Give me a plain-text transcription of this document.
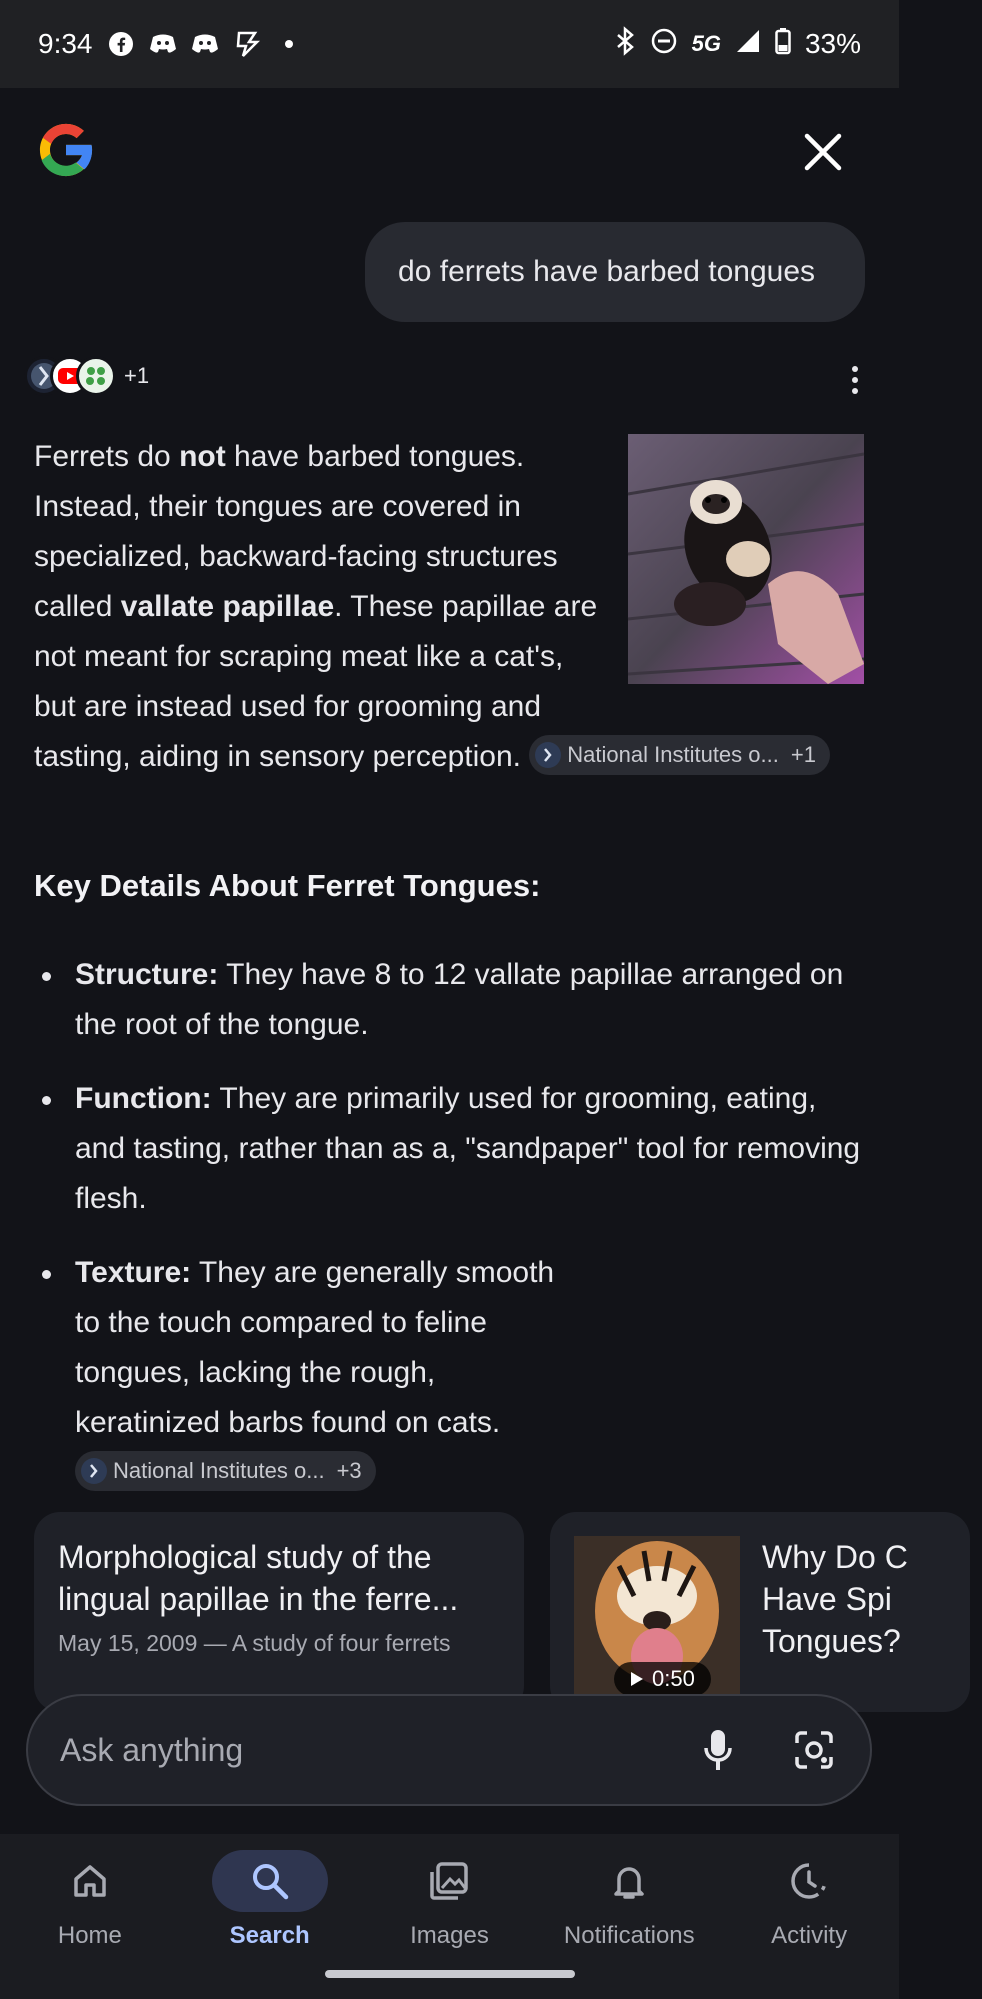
9:34	5G	33%
do ferrets have barbed tongues
+1
Ferrets do not have barbed tongues. Instead, their tongues are covered in specialized, backward-facing structures called vallate papillae. These papillae are not meant for scraping meat like a cat's, but are instead used for grooming and tasting, aiding in sensory perception. National Institutes o... +1
Key Details About Ferret Tongues:
Structure: They have 8 to 12 vallate papillae arranged on the root of the tongue.
Function: They are primarily used for grooming, eating, and tasting, rather than as a, "sandpaper" tool for removing flesh.
Texture: They are generally smooth to the touch compared to feline tongues, lacking the rough, keratinized barbs found on cats.
National Institutes o... +3
Morphological study of the lingual papillae in the ferre...
May 15, 2009 — A study of four ferrets
0:50
Why Do C
Have Spi
Tongues?
Ask anything
Home	Search	Images	Notifications	Activity
